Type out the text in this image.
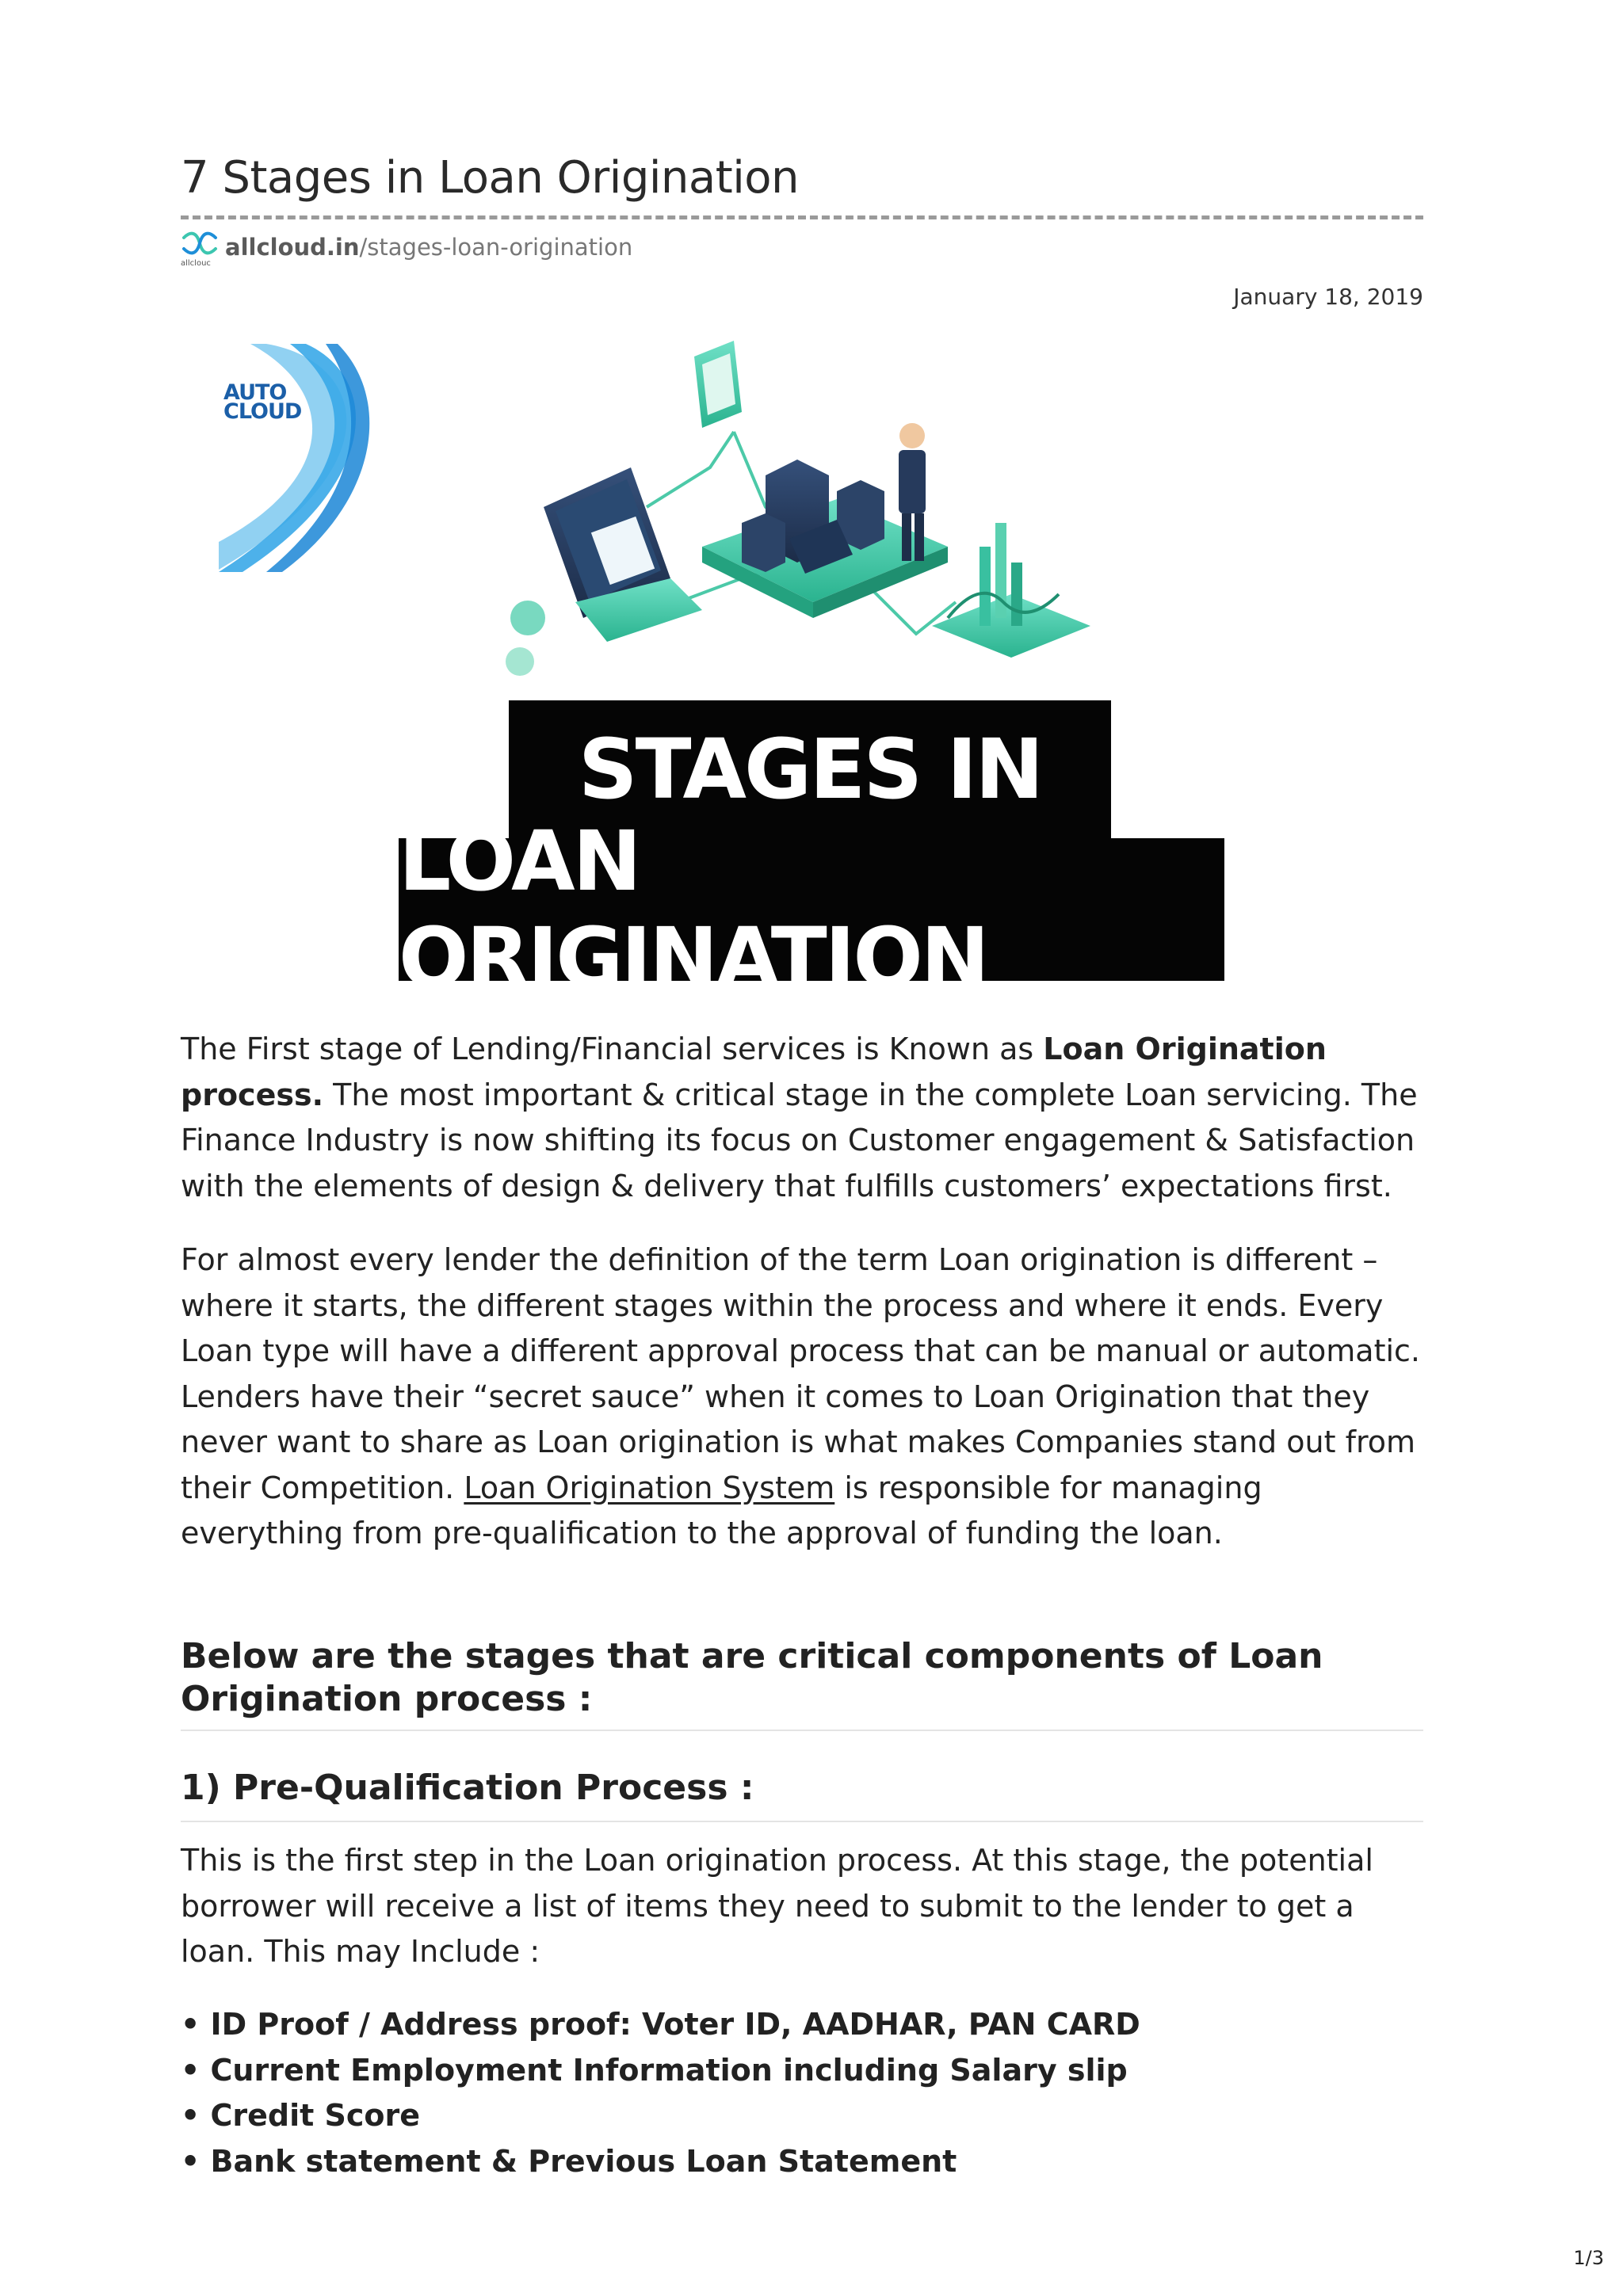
7 Stages in Loan Origination
allclouc
allcloud.in /stages-loan-origination
January 18, 2019
AUTO
CLOUD
STAGES IN
LOAN ORIGINATION

The First stage of Lending/Financial services is Known as Loan Origination process. The most important & critical stage in the complete Loan servicing. The Finance Industry is now shifting its focus on Customer engagement & Satisfaction with the elements of design & delivery that fulfills customers’ expectations first.

For almost every lender the definition of the term Loan origination is different – where it starts, the different stages within the process and where it ends. Every Loan type will have a different approval process that can be manual or automatic. Lenders have their “secret sauce” when it comes to Loan Origination that they never want to share as Loan origination is what makes Companies stand out from their Competition. Loan Origination System is responsible for managing everything from pre-qualification to the approval of funding the loan.

Below are the stages that are critical components of Loan Origination process :
1) Pre-Qualification Process :

This is the first step in the Loan origination process. At this stage, the potential borrower will receive a list of items they need to submit to the lender to get a loan. This may Include :

• ID Proof / Address proof: Voter ID, AADHAR, PAN CARD
• Current Employment Information including Salary slip
• Credit Score
• Bank statement & Previous Loan Statement
1/3
